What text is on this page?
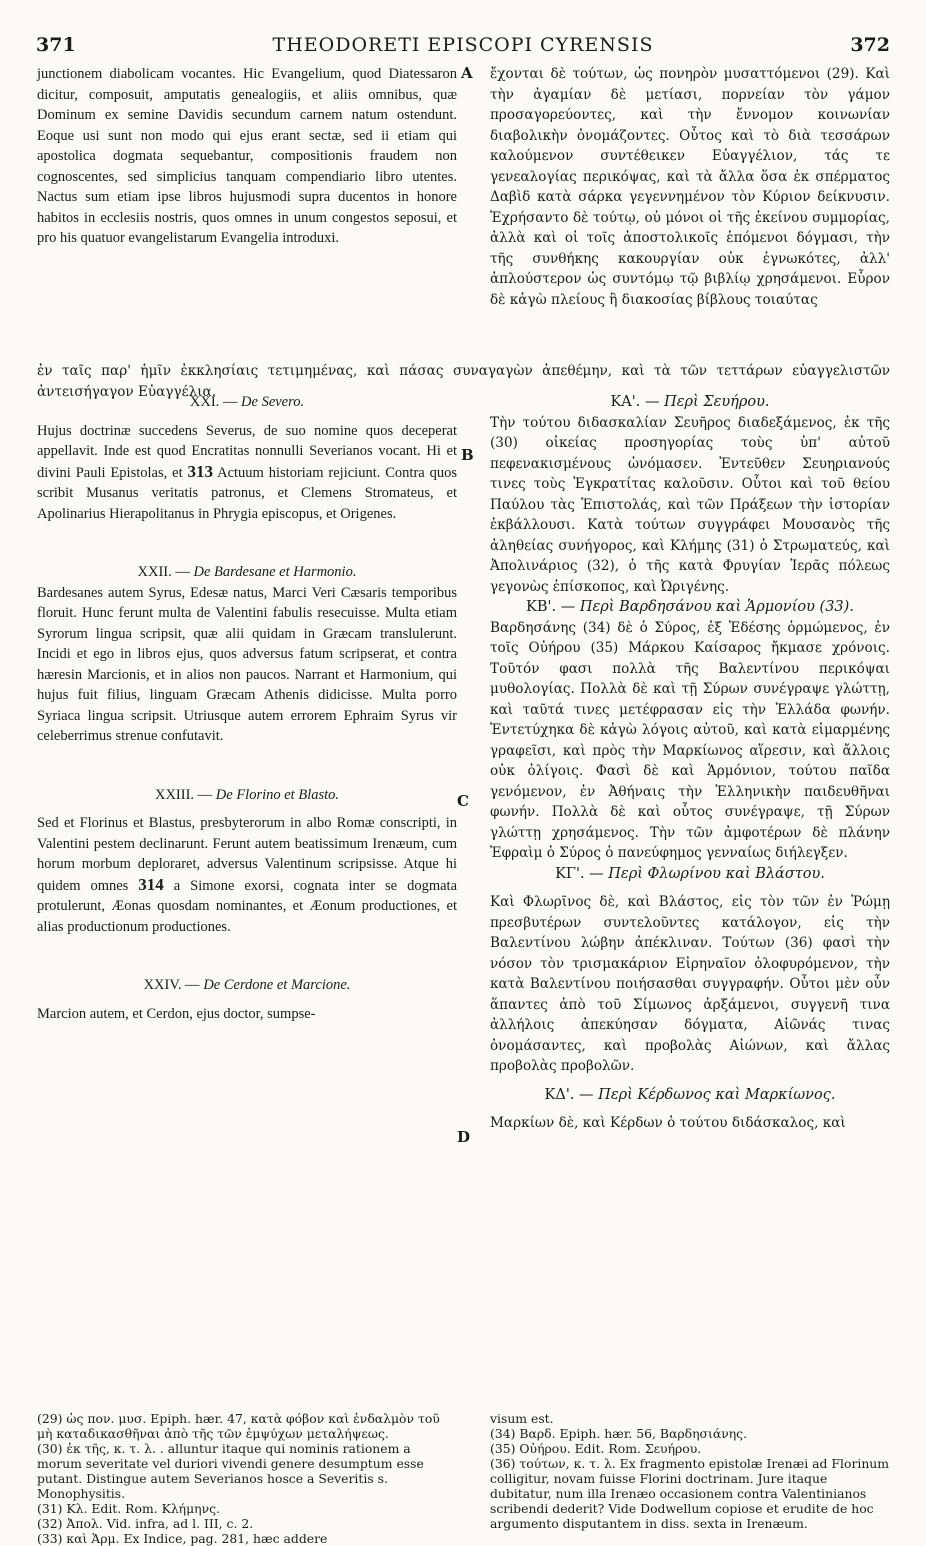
371	THEODORETI EPISCOPI CYRENSIS	372
A
B
C
D

junctionem diabolicam vocantes. Hic Evangelium, quod Diatessaron dicitur, composuit, amputatis genealogiis, et aliis omnibus, quæ Dominum ex semine Davidis secundum carnem natum ostendunt. Eoque usi sunt non modo qui ejus erant sectæ, sed ii etiam qui apostolica dogmata sequebantur, compositionis fraudem non cognoscentes, sed simplicius tanquam compendiario libro utentes. Nactus sum etiam ipse libros hujusmodi supra ducentos in honore habitos in ecclesiis nostris, quos omnes in unum congestos seposui, et pro his quatuor evangelistarum Evangelia introduxi.

ἔχονται δὲ τούτων, ὡς πονηρὸν μυσαττόμενοι (29). Καὶ τὴν ἀγαμίαν δὲ μετίασι, πορνείαν τὸν γάμον προσαγορεύοντες, καὶ τὴν ἔννομον κοινωνίαν διαβολικὴν ὀνομάζοντες. Οὗτος καὶ τὸ διὰ τεσσάρων καλούμενον συντέθεικεν Εὐαγγέλιον, τάς τε γενεαλογίας περικόψας, καὶ τὰ ἄλλα ὅσα ἐκ σπέρματος Δαβὶδ κατὰ σάρκα γεγεννημένον τὸν Κύριον δείκνυσιν. Ἐχρήσαντο δὲ τούτῳ, οὐ μόνοι οἱ τῆς ἐκείνου συμμορίας, ἀλλὰ καὶ οἱ τοῖς ἀποστολικοῖς ἑπόμενοι δόγμασι, τὴν τῆς συνθήκης κακουργίαν οὐκ ἐγνωκότες, ἀλλ' ἁπλούστερον ὡς συντόμῳ τῷ βιβλίῳ χρησάμενοι. Εὗρον δὲ κἀγὼ πλείους ἢ διακοσίας βίβλους τοιαύτας

ἐν ταῖς παρ' ἡμῖν ἐκκλησίαις τετιμημένας, καὶ πάσας συναγαγὼν ἀπεθέμην, καὶ τὰ τῶν τεττάρων εὐαγγελιστῶν ἀντεισήγαγον Εὐαγγέλια.

XXI. — De Severo.

Hujus doctrinæ succedens Severus, de suo nomine quos deceperat appellavit. Inde est quod Encratitas nonnulli Severianos vocant. Hi et divini Pauli Epistolas, et 313 Actuum historiam rejiciunt. Contra quos scribit Musanus veritatis patronus, et Clemens Stromateus, et Apolinarius Hierapolitanus in Phrygia episcopus, et Origenes.

XXII. — De Bardesane et Harmonio.

Bardesanes autem Syrus, Edesæ natus, Marci Veri Cæsaris temporibus floruit. Hunc ferunt multa de Valentini fabulis resecuisse. Multa etiam Syrorum lingua scripsit, quæ alii quidam in Græcam translulerunt. Incidi et ego in libros ejus, quos adversus fatum scripserat, et contra hæresin Marcionis, et in alios non paucos. Narrant et Harmonium, qui hujus fuit filius, linguam Græcam Athenis didicisse. Multa porro Syriaca lingua scripsit. Utriusque autem errorem Ephraim Syrus vir celeberrimus strenue confutavit.

XXIII. — De Florino et Blasto.

Sed et Florinus et Blastus, presbyterorum in albo Romæ conscripti, in Valentini pestem declinarunt. Ferunt autem beatissimum Irenæum, cum horum morbum deploraret, adversus Valentinum scripsisse. Atque hi quidem omnes 314 a Simone exorsi, cognata inter se dogmata protulerunt, Æonas quosdam nominantes, et Æonum productiones, et alias productionum productiones.

XXIV. — De Cerdone et Marcione.

Marcion autem, et Cerdon, ejus doctor, sumpse-

ΚΑ'. — Περὶ Σευήρου.

Τὴν τούτου διδασκαλίαν Σευῆρος διαδεξάμενος, ἐκ τῆς (30) οἰκείας προσηγορίας τοὺς ὑπ' αὐτοῦ πεφενακισμένους ὠνόμασεν. Ἐντεῦθεν Σευηριανούς τινες τοὺς Ἐγκρατίτας καλοῦσιν. Οὗτοι καὶ τοῦ θείου Παύλου τὰς Ἐπιστολάς, καὶ τῶν Πράξεων τὴν ἱστορίαν ἐκβάλλουσι. Κατὰ τούτων συγγράφει Μουσανὸς τῆς ἀληθείας συνήγορος, καὶ Κλήμης (31) ὁ Στρωματεύς, καὶ Ἀπολινάριος (32), ὁ τῆς κατὰ Φρυγίαν Ἱερᾶς πόλεως γεγονὼς ἐπίσκοπος, καὶ Ὠριγένης.

ΚΒ'. — Περὶ Βαρδησάνου καὶ Ἁρμονίου (33).

Βαρδησάνης (34) δὲ ὁ Σύρος, ἐξ Ἐδέσης ὁρμώμενος, ἐν τοῖς Οὐήρου (35) Μάρκου Καίσαρος ἤκμασε χρόνοις. Τοῦτόν φασι πολλὰ τῆς Βαλεντίνου περικόψαι μυθολογίας. Πολλὰ δὲ καὶ τῇ Σύρων συνέγραψε γλώττῃ, καὶ ταῦτά τινες μετέφρασαν εἰς τὴν Ἑλλάδα φωνήν. Ἐντετύχηκα δὲ κἀγὼ λόγοις αὐτοῦ, καὶ κατὰ εἱμαρμένης γραφεῖσι, καὶ πρὸς τὴν Μαρκίωνος αἵρεσιν, καὶ ἄλλοις οὐκ ὀλίγοις. Φασὶ δὲ καὶ Ἁρμόνιον, τούτου παῖδα γενόμενον, ἐν Ἀθήναις τὴν Ἑλληνικὴν παιδευθῆναι φωνήν. Πολλὰ δὲ καὶ οὗτος συνέγραψε, τῇ Σύρων γλώττῃ χρησάμενος. Τὴν τῶν ἀμφοτέρων δὲ πλάνην Ἐφραὶμ ὁ Σύρος ὁ πανεύφημος γενναίως διήλεγξεν.

ΚΓ'. — Περὶ Φλωρίνου καὶ Βλάστου.

Καὶ Φλωρῖνος δὲ, καὶ Βλάστος, εἰς τὸν τῶν ἐν Ῥώμῃ πρεσβυτέρων συντελοῦντες κατάλογον, εἰς τὴν Βαλεντίνου λώβην ἀπέκλιναν. Τούτων (36) φασὶ τὴν νόσον τὸν τρισμακάριον Εἰρηναῖον ὀλοφυρόμενον, τὴν κατὰ Βαλεντίνου ποιήσασθαι συγγραφήν. Οὗτοι μὲν οὖν ἅπαντες ἀπὸ τοῦ Σίμωνος ἀρξάμενοι, συγγενῆ τινα ἀλλήλοις ἀπεκύησαν δόγματα, Αἰῶνάς τινας ὀνομάσαντες, καὶ προβολὰς Αἰώνων, καὶ ἄλλας προβολὰς προβολῶν.

ΚΔ'. — Περὶ Κέρδωνος καὶ Μαρκίωνος.

Μαρκίων δὲ, καὶ Κέρδων ὁ τούτου διδάσκαλος, καὶ

(29) ὡς πον. μυσ. Epiph. hær. 47, κατὰ φόβον καὶ ἐνδαλμὸν τοῦ μὴ καταδικασθῆναι ἀπὸ τῆς τῶν ἐμψύχων μεταλήψεως.

(30) ἐκ τῆς, κ. τ. λ. . alluntur itaque qui nominis rationem a morum severitate vel duriori vivendi genere desumptum esse putant. Distingue autem Severianos hosce a Severitis s. Monophysitis.

(31) Κλ. Edit. Rom. Κλήμηνς.

(32) Ἀπολ. Vid. infra, ad l. III, c. 2.

(33) καὶ Ἁρμ. Ex Indice, pag. 281, hæc addere

visum est.

(34) Βαρδ. Epiph. hær. 56, Βαρδησιάνης.

(35) Οὐήρου. Edit. Rom. Σευήρου.

(36) τούτων, κ. τ. λ. Ex fragmento epistolæ Irenæi ad Florinum colligitur, novam fuisse Florini doctrinam. Jure itaque dubitatur, num illa Irenæo occasionem contra Valentinianos scribendi dederit? Vide Dodwellum copiose et erudite de hoc argumento disputantem in diss. sexta in Irenæum.
